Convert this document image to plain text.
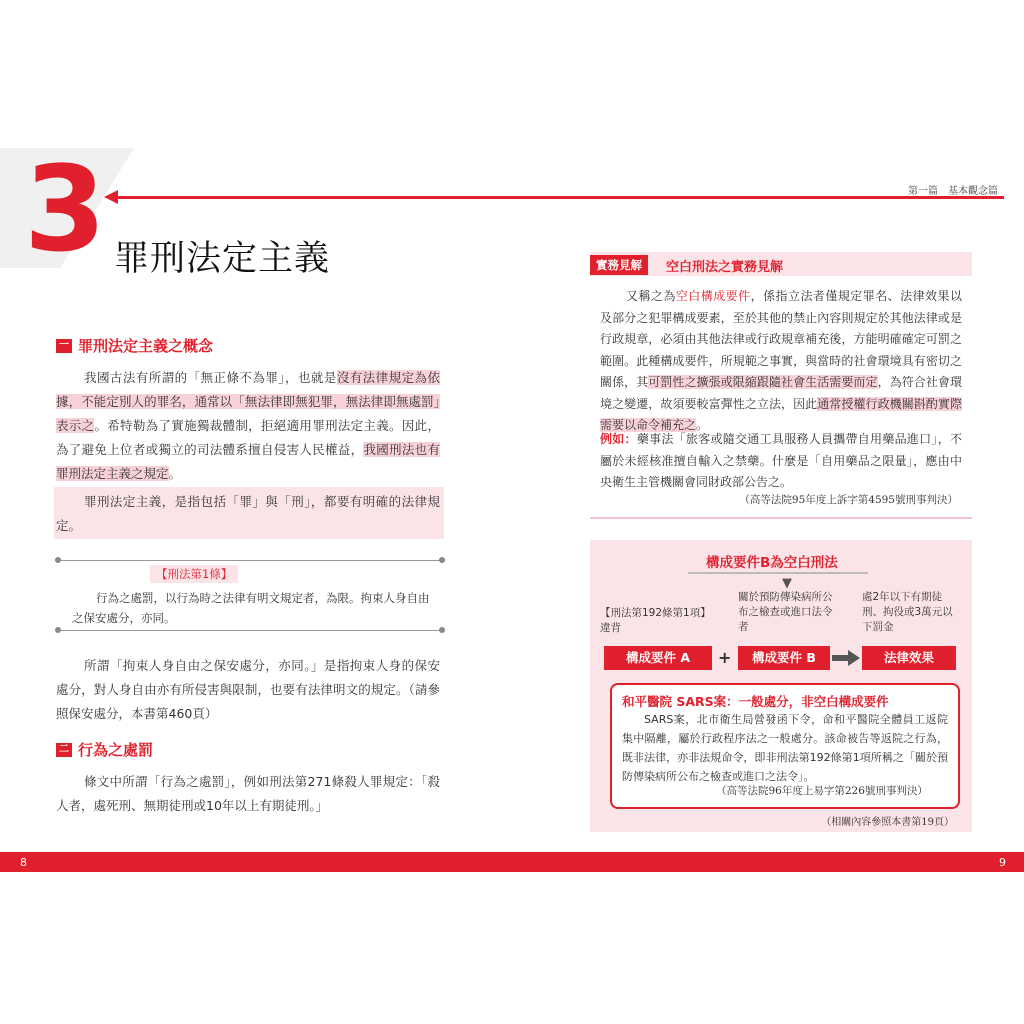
3	第一篇　基本觀念篇
罪刑法定主義
一 罪刑法定主義之概念
我國古法有所謂的「無正條不為罪」，也就是沒有法律規定為依據，不能定別人的罪名，通常以「無法律即無犯罪，無法律即無處罰」表示之。希特勒為了實施獨裁體制，拒絕適用罪刑法定主義。因此，為了避免上位者或獨立的司法體系擅自侵害人民權益，我國刑法也有罪刑法定主義之規定。
罪刑法定主義，是指包括「罪」與「刑」，都要有明確的法律規定。
【刑法第1條】
行為之處罰，以行為時之法律有明文規定者，為限。拘束人身自由之保安處分，亦同。
所謂「拘束人身自由之保安處分，亦同。」是指拘束人身的保安處分，對人身自由亦有所侵害與限制，也要有法律明文的規定。（請參照保安處分，本書第460頁）
二 行為之處罰
條文中所謂「行為之處罰」，例如刑法第271條殺人罪規定：「殺人者，處死刑、無期徒刑或10年以上有期徒刑。」
實務見解	空白刑法之實務見解
又稱之為空白構成要件，係指立法者僅規定罪名、法律效果以及部分之犯罪構成要素，至於其他的禁止內容則規定於其他法律或是行政規章，必須由其他法律或行政規章補充後，方能明確確定可罰之範圍。此種構成要件，所規範之事實，與當時的社會環境具有密切之關係，其可罰性之擴張或限縮跟隨社會生活需要而定，為符合社會環境之變遷，故須要較富彈性之立法，因此通常授權行政機關斟酌實際需要以命令補充之。
例如：藥事法「旅客或隨交通工具服務人員攜帶自用藥品進口」，不屬於未經核准擅自輸入之禁藥。什麼是「自用藥品之限量」，應由中央衛生主管機關會同財政部公告之。
（高等法院95年度上訴字第4595號刑事判決）
構成要件B為空白刑法
▼
【刑法第192條第1項】違背
關於預防傳染病所公布之檢查或進口法令者
處2年以下有期徒刑、拘役或3萬元以下罰金
構成要件 A	+	構成要件 B	法律效果
和平醫院 SARS案：一般處分，非空白構成要件
SARS案，北市衛生局營發函下令，命和平醫院全體員工返院集中隔離，屬於行政程序法之一般處分。該命被告等返院之行為，既非法律，亦非法規命令，即非刑法第192條第1項所稱之「關於預防傳染病所公布之檢查或進口之法令」。
（高等法院96年度上易字第226號刑事判決）
（相關內容參照本書第19頁）
8	9
